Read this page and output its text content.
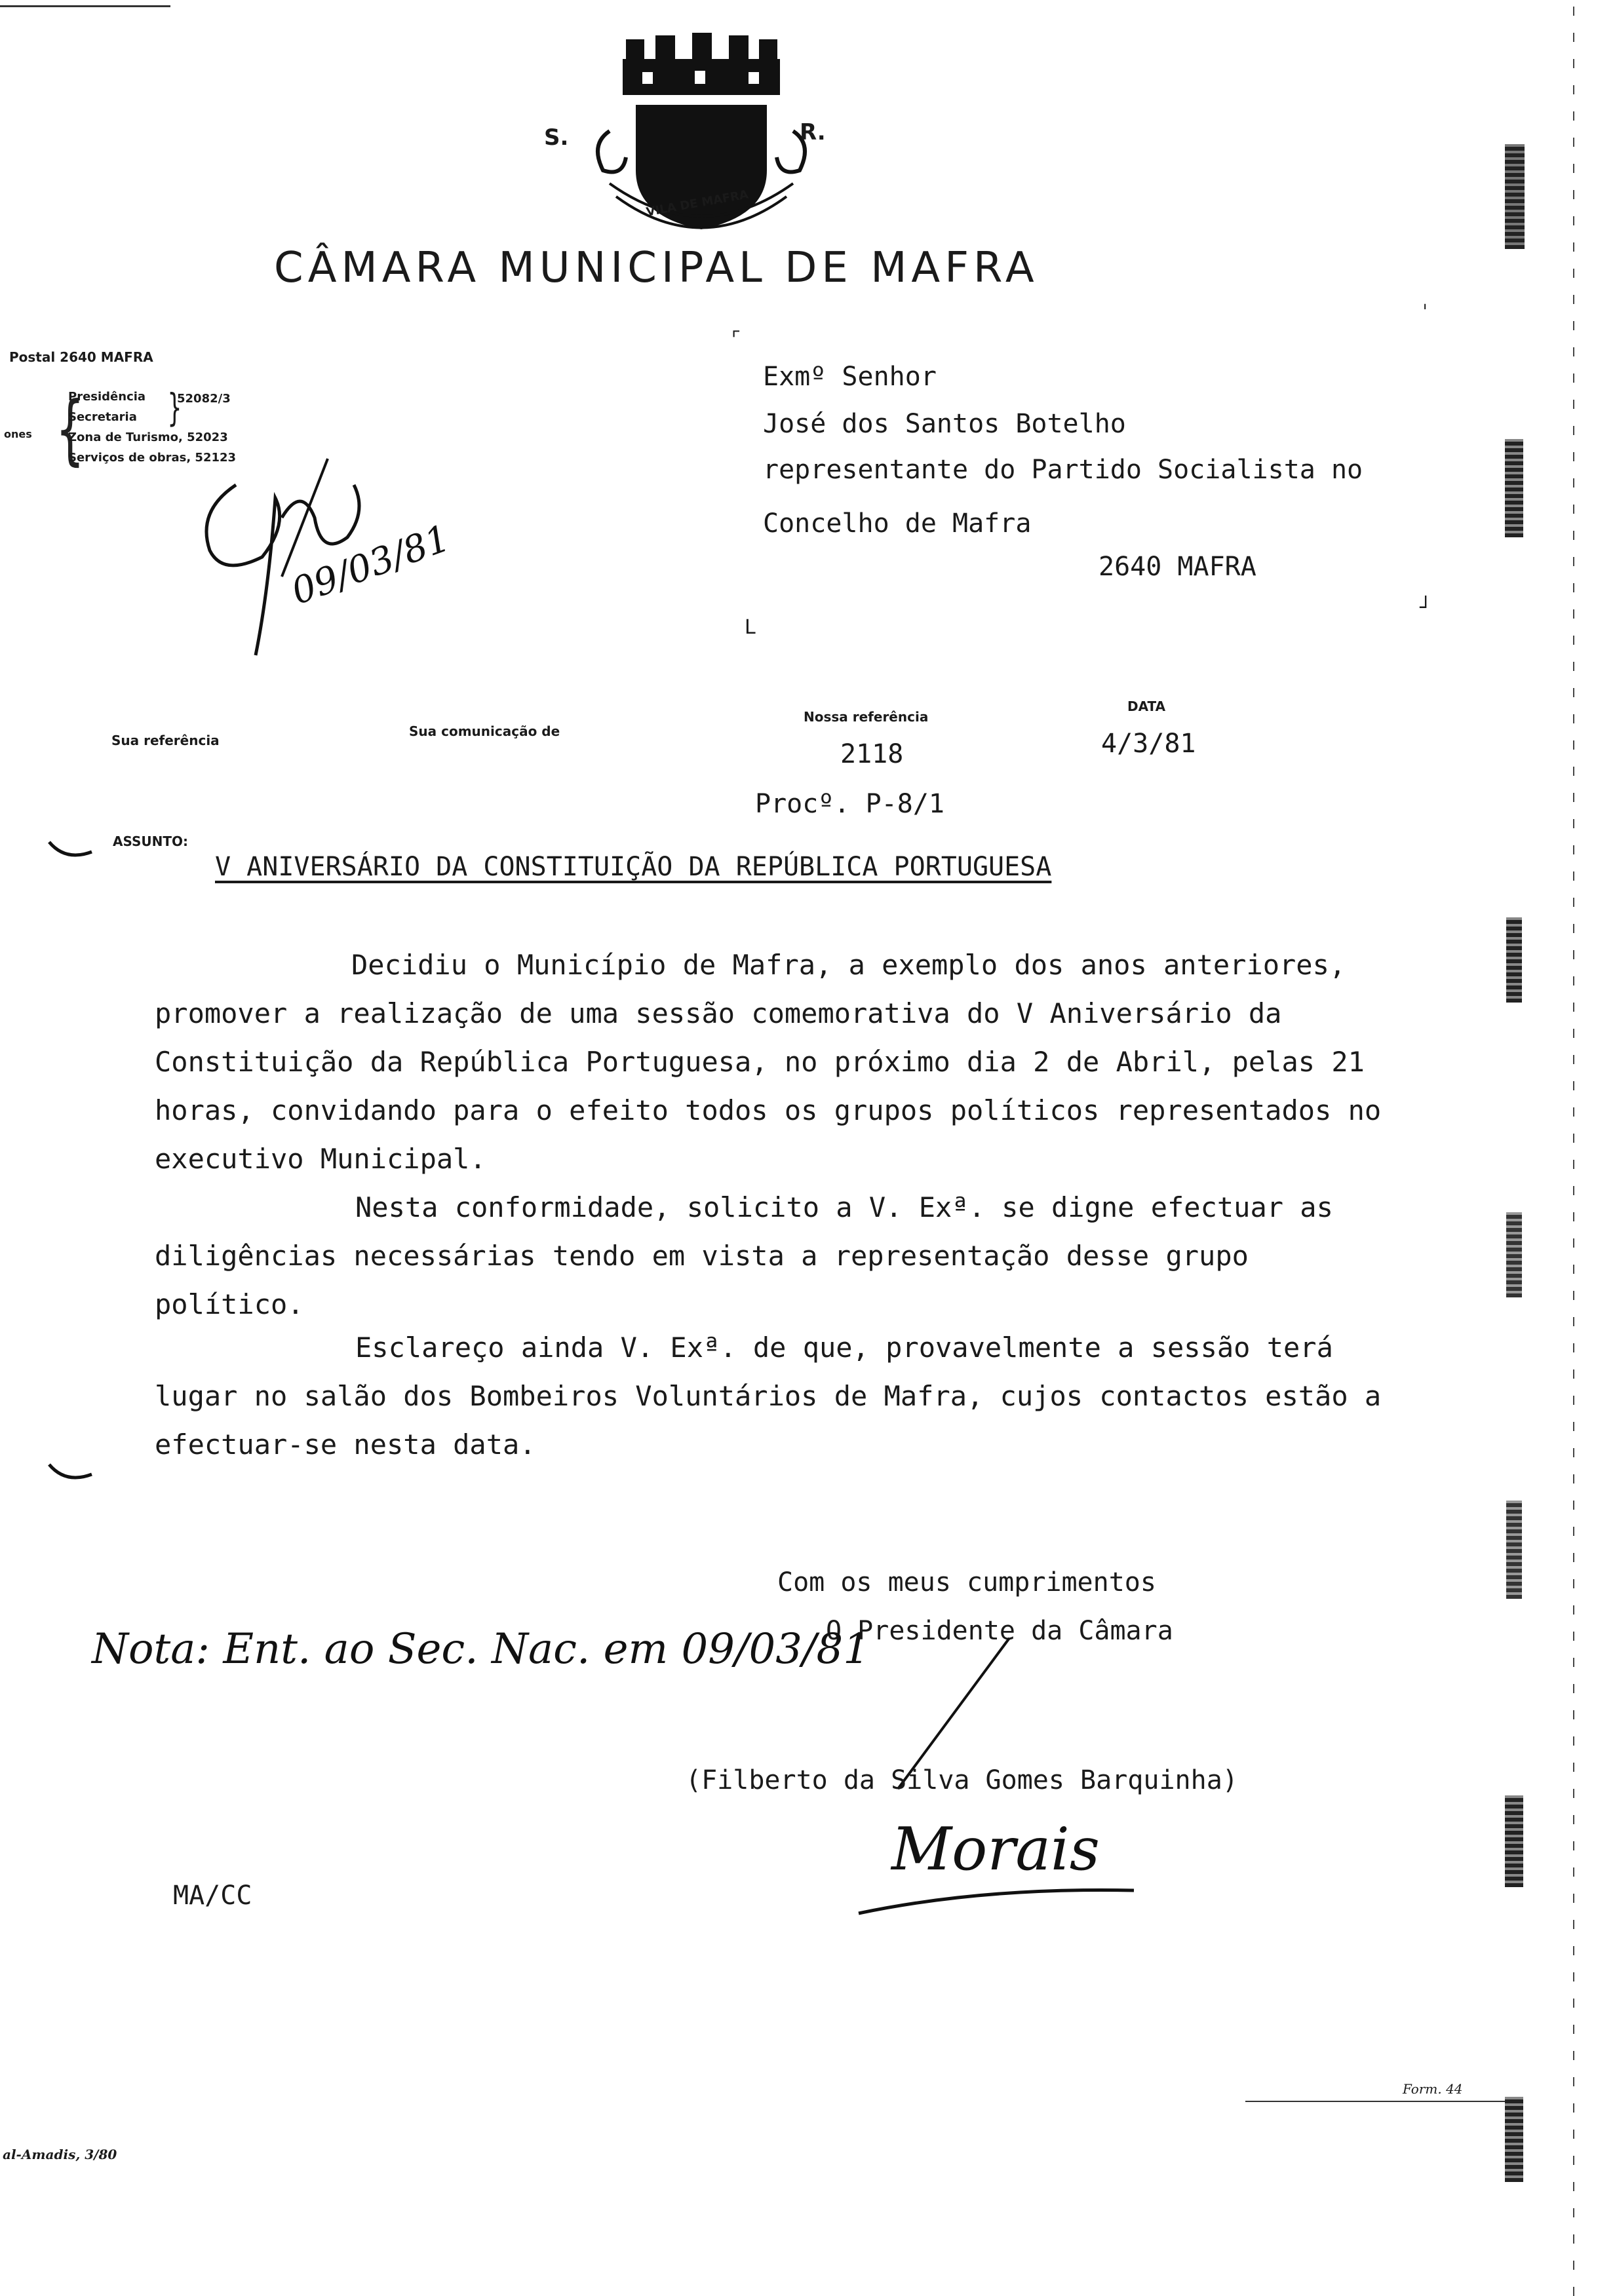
S.	R.
VILA DE MAFRA
CÂMARA MUNICIPAL DE MAFRA
Postal 2640 MAFRA
ones {
Presidência
Secretaria
Zona de Turismo, 52023
Serviços de obras, 52123
}
52082/3
09/03/81
⌜
L
┘
ˈ
Exmº Senhor
José dos Santos Botelho
representante do Partido Socialista no
Concelho de Mafra
2640 MAFRA
Sua referência
Sua comunicação de
Nossa referência
DATA
2118	4/3/81
Procº. P-8/1
ASSUNTO:
V ANIVERSÁRIO DA CONSTITUIÇÃO DA REPÚBLICA PORTUGUESA
Decidiu o Município de Mafra, a exemplo dos anos anteriores, promover a realização de uma sessão comemorativa do V Aniversário da Constituição da República Portuguesa, no próximo dia 2 de Abril, pelas 21 horas, convidando para o efeito todos os grupos políticos representados no executivo Municipal.
Nesta conformidade, solicito a V. Exª. se digne efectuar as diligências necessárias tendo em vista a representação desse grupo político.
Esclareço ainda V. Exª. de que, provavelmente a sessão terá lugar no salão dos Bombeiros Voluntários de Mafra, cujos contactos estão a efectuar-se nesta data.
Com os meus cumprimentos
O Presidente da Câmara
(Filberto da Silva Gomes Barquinha)
MA/CC
Nota: Ent. ao Sec. Nac. em 09/03/81
Morais
al-Amadis, 3/80
Form. 44
